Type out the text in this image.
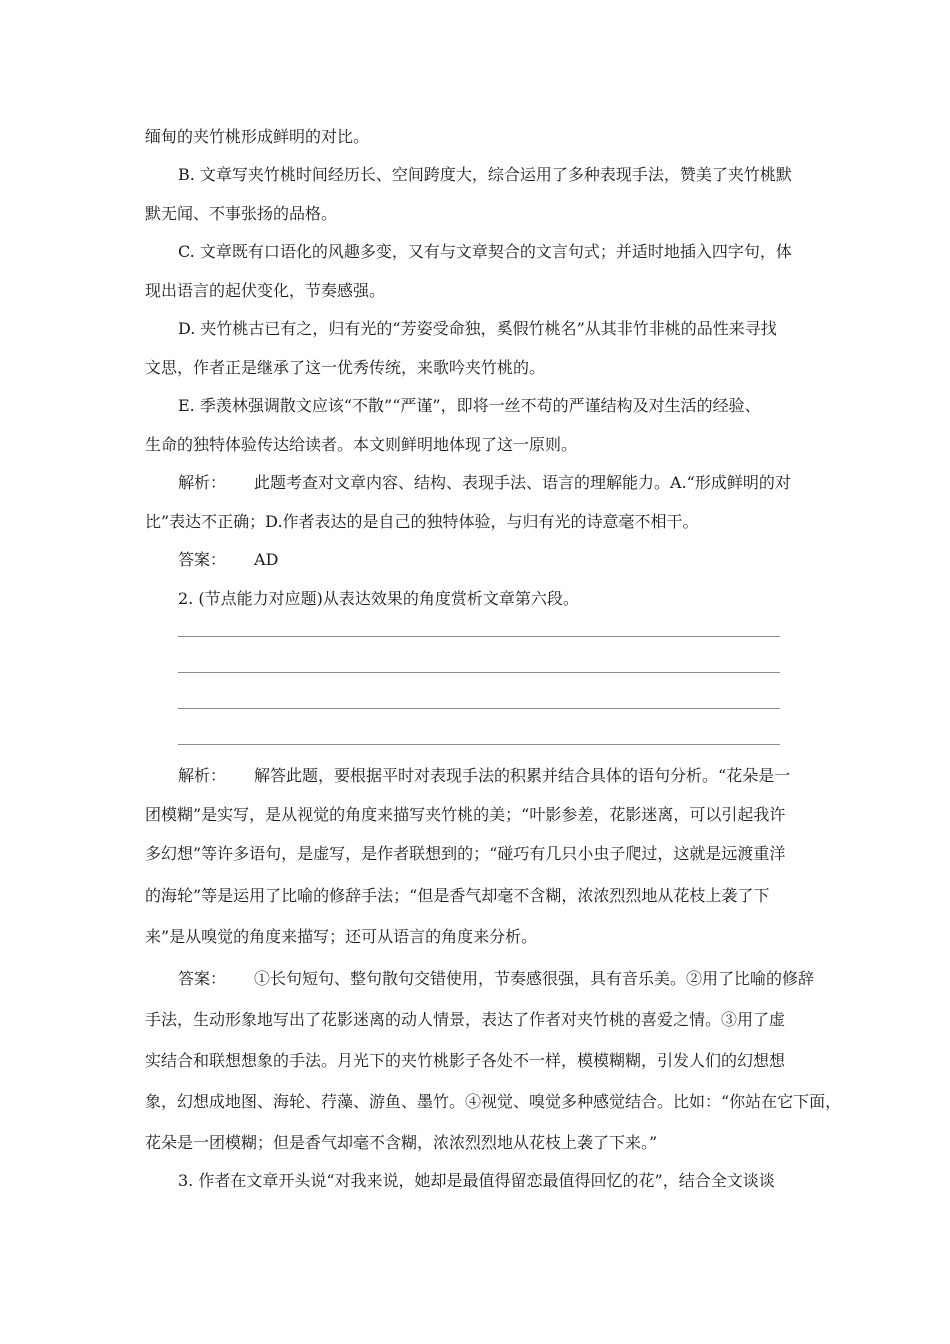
缅甸的夹竹桃形成鲜明的对比。
B. 文章写夹竹桃时间经历长、空间跨度大，综合运用了多种表现手法，赞美了夹竹桃默
默无闻、不事张扬的品格。
C. 文章既有口语化的风趣多变，又有与文章契合的文言句式；并适时地插入四字句，体
现出语言的起伏变化，节奏感强。
D. 夹竹桃古已有之，归有光的“芳姿受命独，奚假竹桃名”从其非竹非桃的品性来寻找
文思，作者正是继承了这一优秀传统，来歌吟夹竹桃的。
E. 季羡林强调散文应该“不散”“严谨”，即将一丝不苟的严谨结构及对生活的经验、
生命的独特体验传达给读者。本文则鲜明地体现了这一原则。
解析： 此题考查对文章内容、结构、表现手法、语言的理解能力。A.“形成鲜明的对
比”表达不正确；D.作者表达的是自己的独特体验，与归有光的诗意毫不相干。
答案： AD
2. (节点能力对应题)从表达效果的角度赏析文章第六段。
解析： 解答此题，要根据平时对表现手法的积累并结合具体的语句分析。“花朵是一
团模糊”是实写，是从视觉的角度来描写夹竹桃的美；“叶影参差，花影迷离，可以引起我许
多幻想”等许多语句，是虚写，是作者联想到的；“碰巧有几只小虫子爬过，这就是远渡重洋
的海轮”等是运用了比喻的修辞手法；“但是香气却毫不含糊，浓浓烈烈地从花枝上袭了下
来”是从嗅觉的角度来描写；还可从语言的角度来分析。
答案： ①长句短句、整句散句交错使用，节奏感很强，具有音乐美。②用了比喻的修辞
手法，生动形象地写出了花影迷离的动人情景，表达了作者对夹竹桃的喜爱之情。③用了虚
实结合和联想想象的手法。月光下的夹竹桃影子各处不一样，模模糊糊，引发人们的幻想想
象，幻想成地图、海轮、荇藻、游鱼、墨竹。④视觉、嗅觉多种感觉结合。比如：“你站在它下面，
花朵是一团模糊；但是香气却毫不含糊，浓浓烈烈地从花枝上袭了下来。”
3. 作者在文章开头说“对我来说，她却是最值得留恋最值得回忆的花”，结合全文谈谈
